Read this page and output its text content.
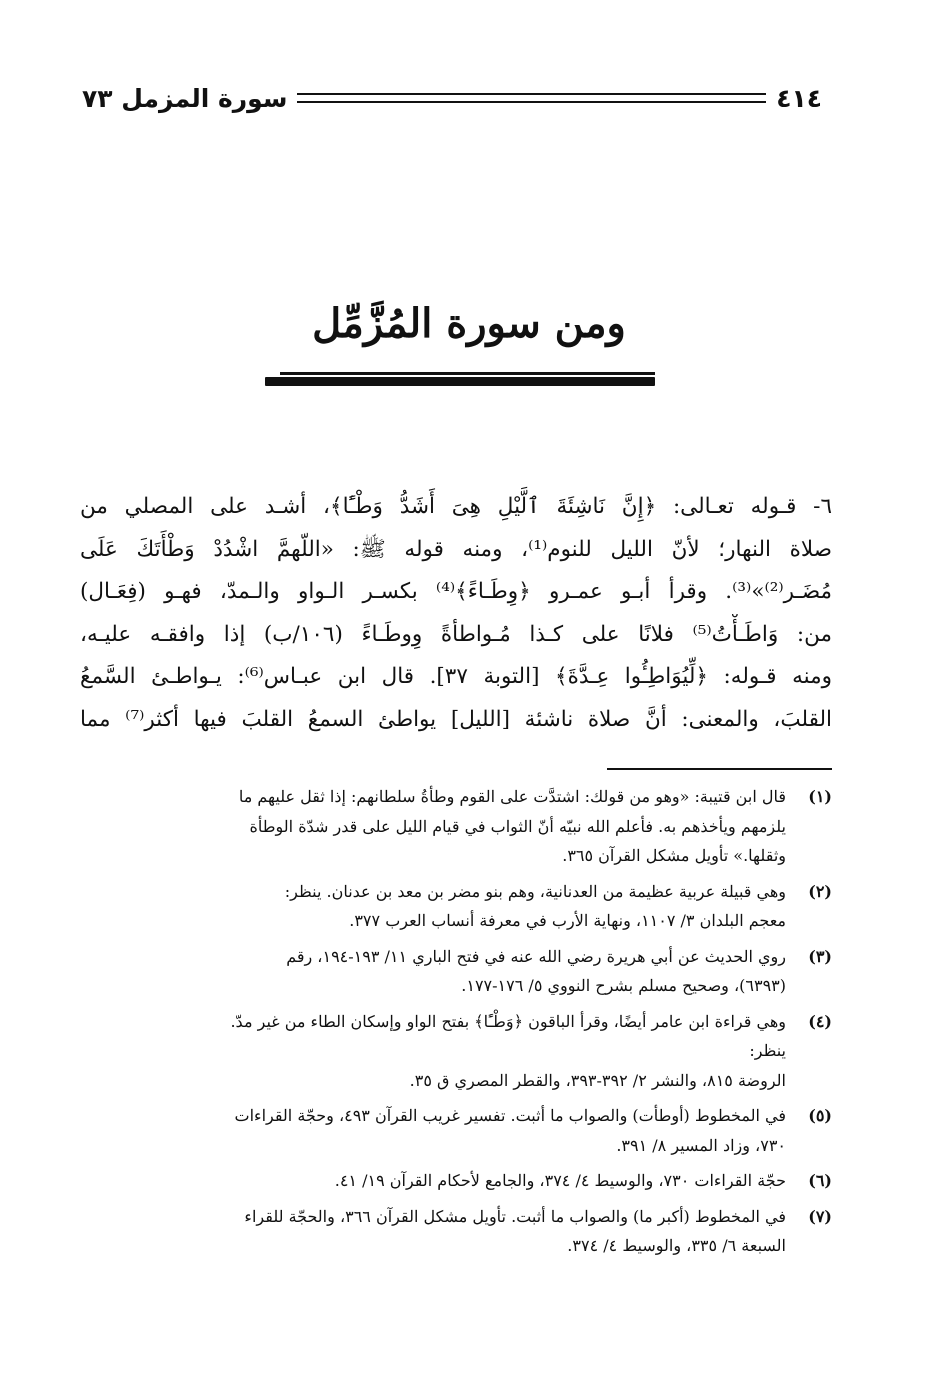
٤١٤
سورة المزمل ٧٣
ومن سورة المُزَّمِّل
٦- قـوله تعـالى: ﴿إِنَّ نَاشِئَةَ ٱلَّيْلِ هِىَ أَشَدُّ وَطْـًٔا﴾، أشـد على المصلي من
صلاة النهار؛ لأنّ الليل للنوم⁽¹⁾، ومنه قوله ﷺ: «اللّهمَّ اشْدُدْ وَطْأَتَكَ عَلَى
مُضَـر⁽²⁾»⁽³⁾. وقرأ أبـو عمـرو ﴿وِطَـاءً﴾⁽⁴⁾ بكسـر الـواو والـمدّ، فهـو (فِعَـال)
من: وَاطَـأْتُ⁽⁵⁾ فلانًا على كـذا مُـواطأةً وِوطَـاءً (١٠٦/ب) إذا وافقـه عليـه،
ومنه قـوله: ﴿لِّيُوَاطِـُٔوا عِـدَّةَ﴾ [التوبة ٣٧]. قال ابن عبـاس⁽⁶⁾: يـواطـئ السَّمعُ
القلبَ، والمعنى: أنَّ صلاة ناشئة [الليل] يواطئ السمعُ القلبَ فيها أكثر⁽⁷⁾ مما
(١)
قال ابن قتيبة: «وهو من قولك: اشتدَّت على القوم وطأةُ سلطانهم: إذا ثقل عليهم ما
يلزمهم ويأخذهم به. فأعلم الله نبيّه أنّ الثواب في قيام الليل على قدر شدّة الوطأة
وثقلها.» تأويل مشكل القرآن ٣٦٥.
(٢)
وهي قبيلة عربية عظيمة من العدنانية، وهم بنو مضر بن معد بن عدنان. ينظر:
معجم البلدان ٣/ ١١٠٧، ونهاية الأرب في معرفة أنساب العرب ٣٧٧.
(٣)
روي الحديث عن أبي هريرة رضي الله عنه في فتح الباري ١١/ ١٩٣-١٩٤، رقم
(٦٣٩٣)، وصحيح مسلم بشرح النووي ٥/ ١٧٦-١٧٧.
(٤)
وهي قراءة ابن عامر أيضًا، وقرأ الباقون ﴿وَطْـًٔا﴾ بفتح الواو وإسكان الطاء من غير مدّ.
ينظر:
الروضة ٨١٥، والنشر ٢/ ٣٩٢-٣٩٣، والقطر المصري ق ٣٥.
(٥)
في المخطوط (أوطأت) والصواب ما أثبت. تفسير غريب القرآن ٤٩٣، وحجّة القراءات
٧٣٠، وزاد المسير ٨/ ٣٩١.
(٦)
حجّة القراءات ٧٣٠، والوسيط ٤/ ٣٧٤، والجامع لأحكام القرآن ١٩/ ٤١.
(٧)
في المخطوط (أكبر ما) والصواب ما أثبت. تأويل مشكل القرآن ٣٦٦، والحجّة للقراء
السبعة ٦/ ٣٣٥، والوسيط ٤/ ٣٧٤.
